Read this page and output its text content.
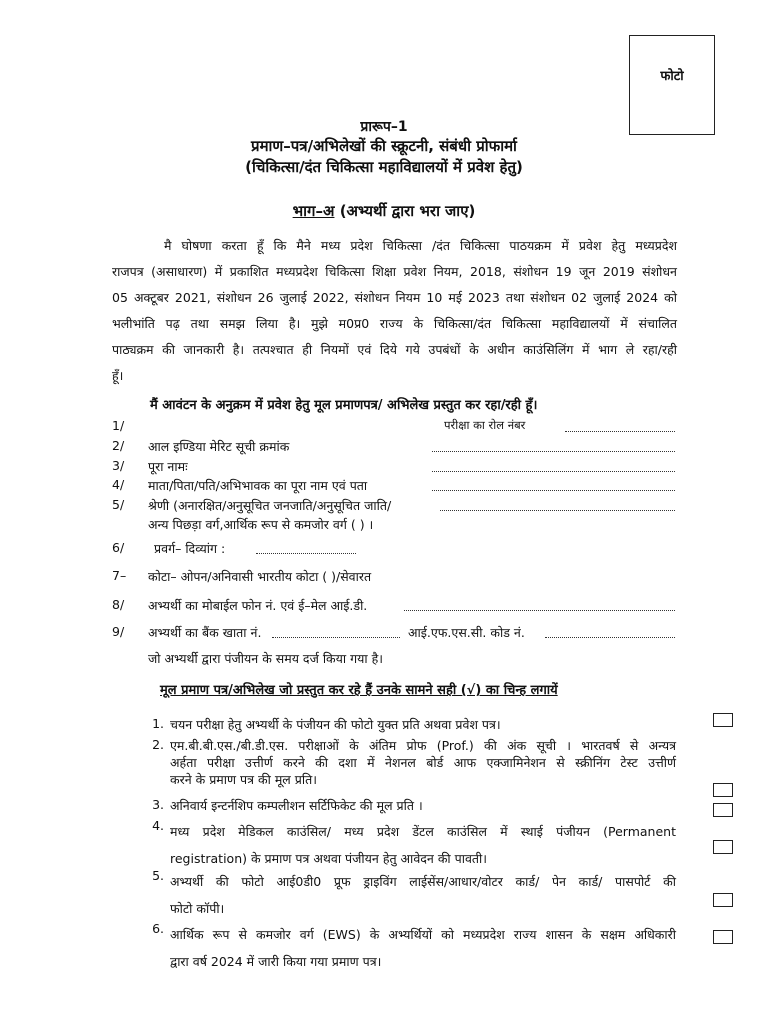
फोटो
प्रारूप–1
प्रमाण–पत्र/अभिलेखों की स्क्रूटनी, संबंधी प्रोफार्मा
(चिकित्सा/दंत चिकित्सा महाविद्यालयों में प्रवेश हेतु)
भाग–अ (अभ्यर्थी द्वारा भरा जाए)
मै घोषणा करता हूँ कि मैने मध्य प्रदेश चिकित्सा /दंत चिकित्सा पाठयक्रम में प्रवेश हेतु मध्यप्रदेश
राजपत्र (असाधारण) में प्रकाशित मध्यप्रदेश चिकित्सा शिक्षा प्रवेश नियम, 2018, संशोधन 19 जून 2019 संशोधन
05 अक्टूबर 2021, संशोधन 26 जुलाई 2022, संशोधन नियम 10 मई 2023 तथा संशोधन 02 जुलाई 2024 को
भलीभांति पढ़ तथा समझ लिया है। मुझे म0प्र0 राज्य के चिकित्सा/दंत चिकित्सा महाविद्यालयों में संचालित
पाठ्यक्रम की जानकारी है। तत्पश्चात ही नियमों एवं दिये गये उपबंधों के अधीन काउंसिलिंग में भाग ले रहा/रही
हूँ।
मैं आवंटन के अनुक्रम में प्रवेश हेतु मूल प्रमाणपत्र/ अभिलेख प्रस्तुत कर रहा/रही हूँ।
1/	परीक्षा का रोल नंबर
2/ आल इण्डिया मेरिट सूची क्रमांक
3/ पूरा नामः
4/ माता/पिता/पति/अभिभावक का पूरा नाम एवं पता
5/ श्रेणी (अनारक्षित/अनुसूचित जनजाति/अनुसूचित जाति/
अन्य पिछड़ा वर्ग,आर्थिक रूप से कमजोर वर्ग ( ) ।
6/ प्रवर्ग– दिव्यांग :
7– कोटा– ओपन/अनिवासी भारतीय कोटा ( )/सेवारत
8/ अभ्यर्थी का मोबाईल फोन नं. एवं ई–मेल आई.डी.
9/ अभ्यर्थी का बैंक खाता नं.	आई.एफ.एस.सी. कोड नं.
जो अभ्यर्थी द्वारा पंजीयन के समय दर्ज किया गया है।
मूल प्रमाण पत्र/अभिलेख जो प्रस्तुत कर रहे हैं उनके सामने सही (√) का चिन्ह लगायें
1. चयन परीक्षा हेतु अभ्यर्थी के पंजीयन की फोटो युक्त प्रति अथवा प्रवेश पत्र।
2. एम.बी.बी.एस./बी.डी.एस. परीक्षाओं के अंतिम प्रोफ (Prof.) की अंक सूची । भारतवर्ष से अन्यत्र
अर्हता परीक्षा उत्तीर्ण करने की दशा में नेशनल बोर्ड आफ एक्जामिनेशन से स्क्रीनिंग टेस्ट उत्तीर्ण
करने के प्रमाण पत्र की मूल प्रति।
3. अनिवार्य इन्टर्नशिप कम्पलीशन सर्टिफिकेट की मूल प्रति ।
4. मध्य प्रदेश मेडिकल काउंसिल/ मध्य प्रदेश डेंटल काउंसिल में स्थाई पंजीयन (Permanent
registration) के प्रमाण पत्र अथवा पंजीयन हेतु आवेदन की पावती।
5. अभ्यर्थी की फोटो आई0डी0 प्रूफ ड्राइविंग लाईसेंस/आधार/वोटर कार्ड/ पेन कार्ड/ पासपोर्ट की
फोटो कॉपी।
6. आर्थिक रूप से कमजोर वर्ग (EWS) के अभ्यर्थियों को मध्यप्रदेश राज्य शासन के सक्षम अधिकारी
द्वारा वर्ष 2024 में जारी किया गया प्रमाण पत्र।
